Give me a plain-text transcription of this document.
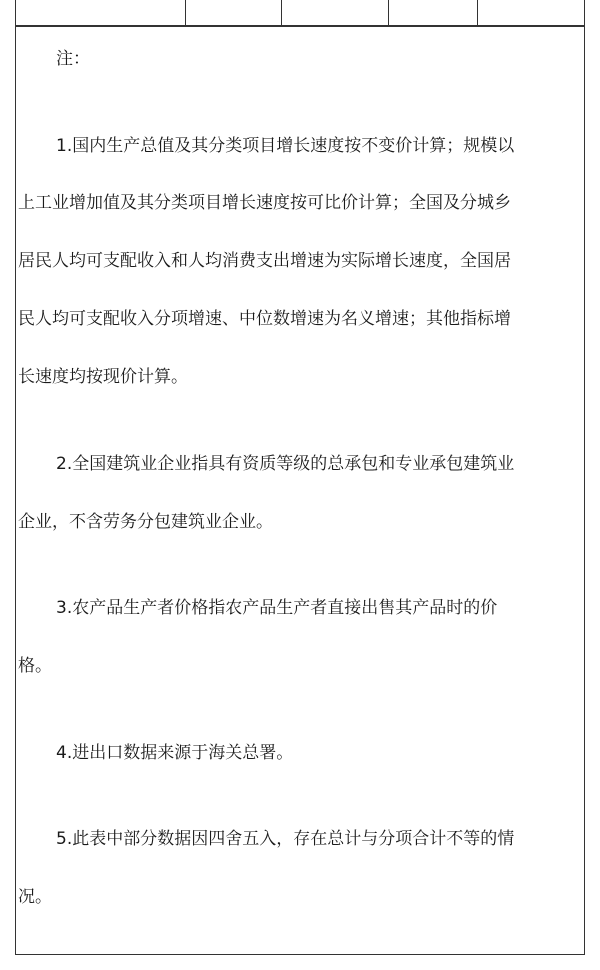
注：
1.国内生产总值及其分类项目增长速度按不变价计算；规模以
上工业增加值及其分类项目增长速度按可比价计算；全国及分城乡
居民人均可支配收入和人均消费支出增速为实际增长速度，全国居
民人均可支配收入分项增速、中位数增速为名义增速；其他指标增
长速度均按现价计算。
2.全国建筑业企业指具有资质等级的总承包和专业承包建筑业
企业，不含劳务分包建筑业企业。
3.农产品生产者价格指农产品生产者直接出售其产品时的价
格。
4.进出口数据来源于海关总署。
5.此表中部分数据因四舍五入，存在总计与分项合计不等的情
况。
